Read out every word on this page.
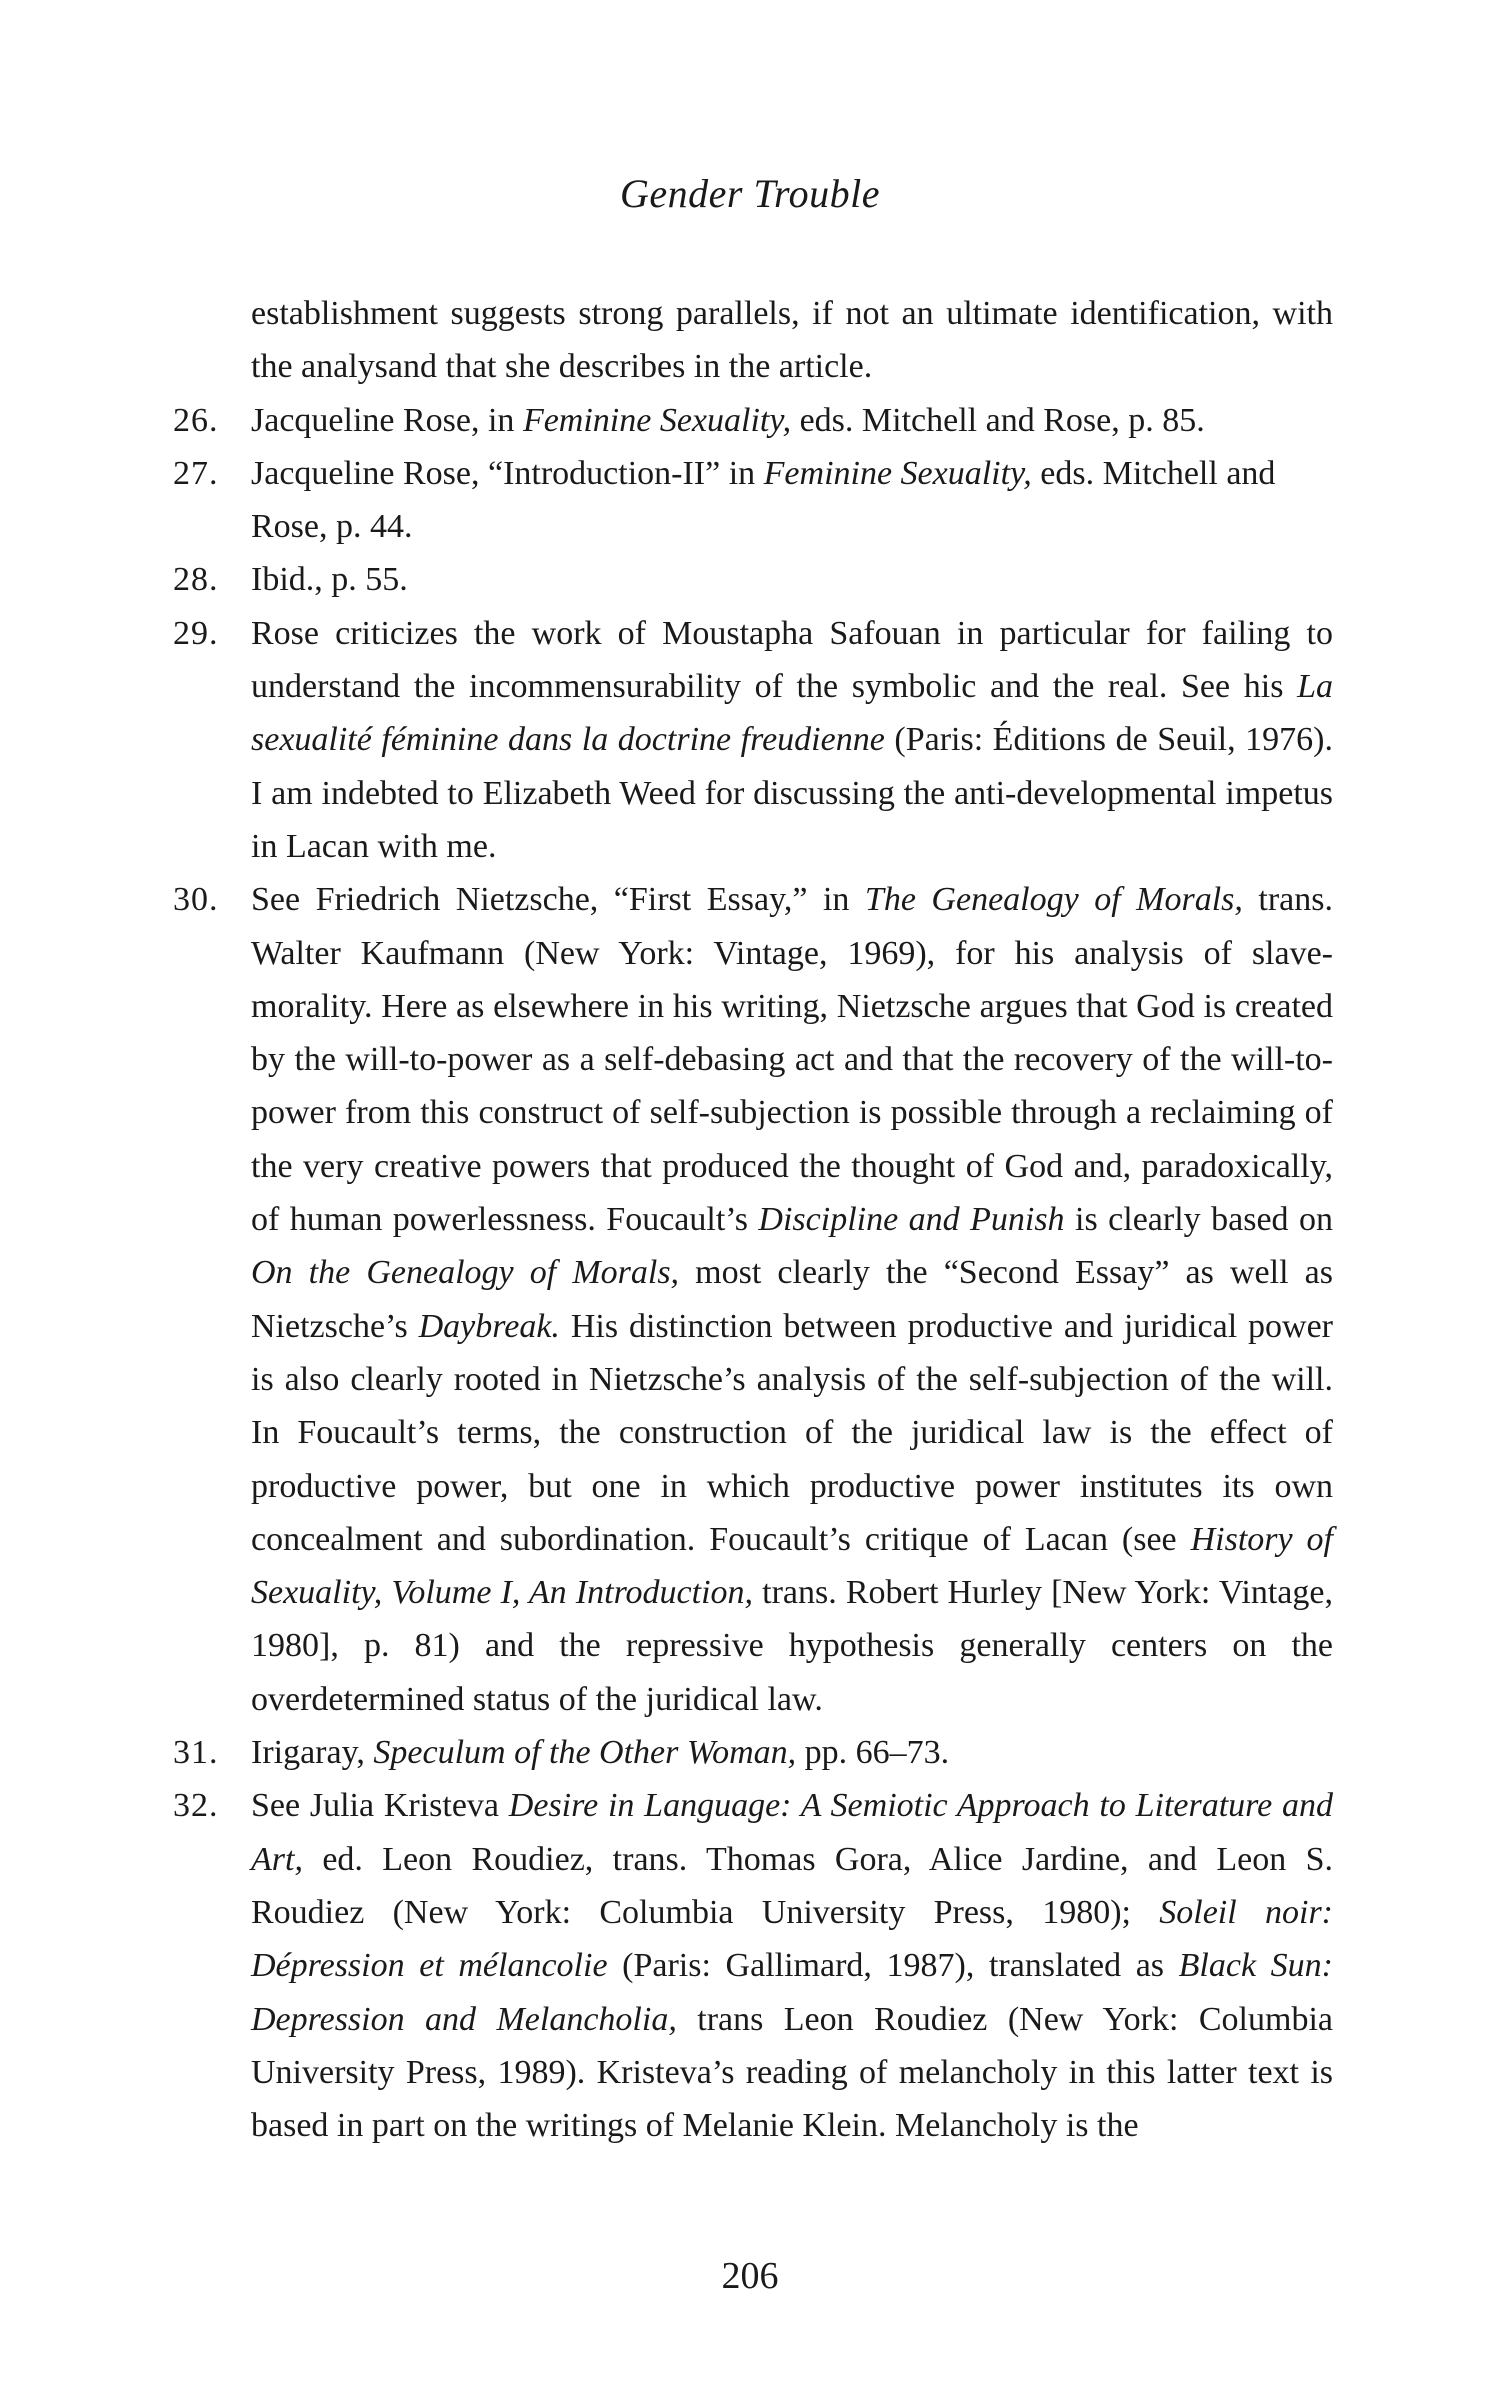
Gender Trouble
establishment suggests strong parallels, if not an ultimate identification, with the analysand that she describes in the article.
26. Jacqueline Rose, in Feminine Sexuality, eds. Mitchell and Rose, p. 85.
27. Jacqueline Rose, “Introduction-II” in Feminine Sexuality, eds. Mitchell and Rose, p. 44.
28. Ibid., p. 55.
29. Rose criticizes the work of Moustapha Safouan in particular for failing to understand the incommensurability of the symbolic and the real. See his La sexualité féminine dans la doctrine freudienne (Paris: Éditions de Seuil, 1976). I am indebted to Elizabeth Weed for discussing the anti-developmental impetus in Lacan with me.
30. See Friedrich Nietzsche, “First Essay,” in The Genealogy of Morals, trans. Walter Kaufmann (New York: Vintage, 1969), for his analysis of slave-morality. Here as elsewhere in his writing, Nietzsche argues that God is created by the will-to-power as a self-debasing act and that the recovery of the will-to-power from this construct of self-subjection is possible through a reclaiming of the very creative powers that produced the thought of God and, paradoxically, of human powerlessness. Foucault’s Discipline and Punish is clearly based on On the Genealogy of Morals, most clearly the “Second Essay” as well as Nietzsche’s Daybreak. His distinction between productive and juridical power is also clearly rooted in Nietzsche’s analysis of the self-subjection of the will. In Foucault’s terms, the construction of the juridical law is the effect of productive power, but one in which productive power institutes its own concealment and subordination. Foucault’s critique of Lacan (see History of Sexuality, Volume I, An Introduction, trans. Robert Hurley [New York: Vintage, 1980], p. 81) and the repressive hypothesis generally centers on the overdetermined status of the juridical law.
31. Irigaray, Speculum of the Other Woman, pp. 66–73.
32. See Julia Kristeva Desire in Language: A Semiotic Approach to Literature and Art, ed. Leon Roudiez, trans. Thomas Gora, Alice Jardine, and Leon S. Roudiez (New York: Columbia University Press, 1980); Soleil noir: Dépression et mélancolie (Paris: Gallimard, 1987), translated as Black Sun: Depression and Melancholia, trans Leon Roudiez (New York: Columbia University Press, 1989). Kristeva’s reading of melancholy in this latter text is based in part on the writings of Melanie Klein. Melancholy is the
206
